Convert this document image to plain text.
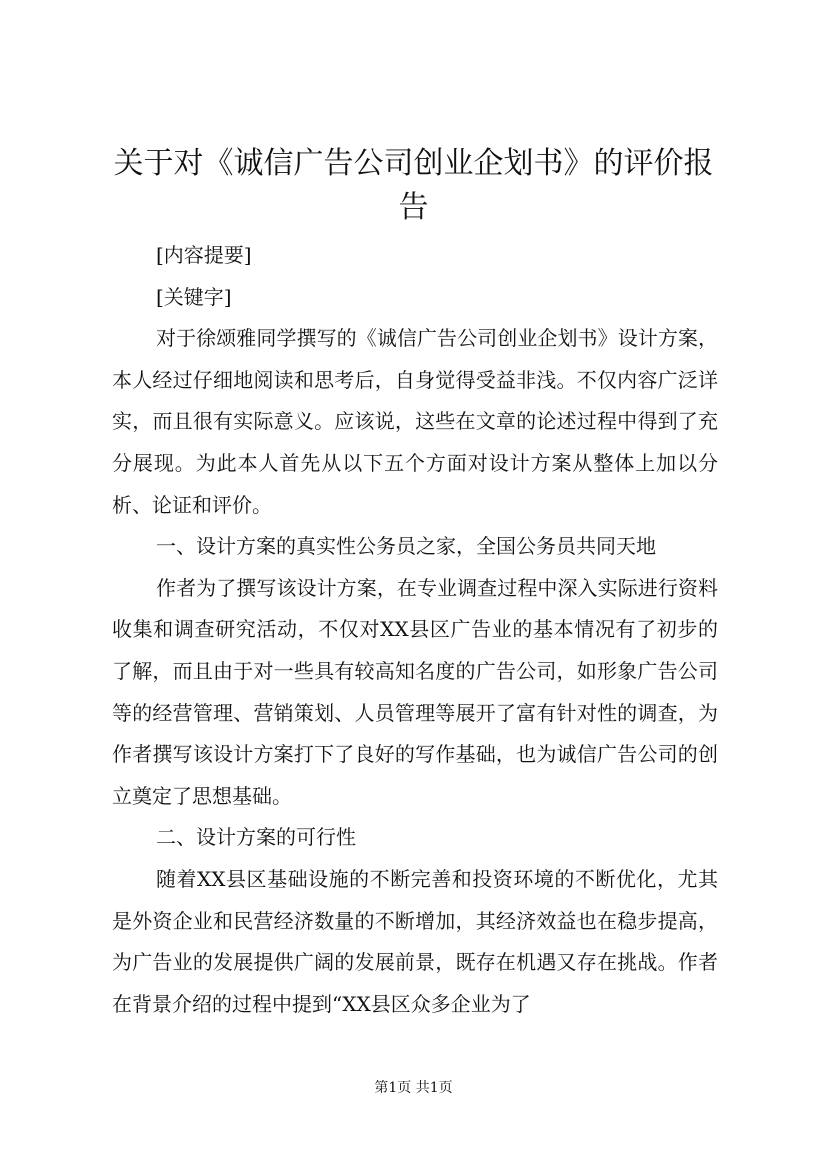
关于对《诚信广告公司创业企划书》的评价报告

[内容提要]

[关键字]

对于徐颂雅同学撰写的《诚信广告公司创业企划书》设计方案，本人经过仔细地阅读和思考后，自身觉得受益非浅。不仅内容广泛详实，而且很有实际意义。应该说，这些在文章的论述过程中得到了充分展现。为此本人首先从以下五个方面对设计方案从整体上加以分析、论证和评价。

一、设计方案的真实性公务员之家，全国公务员共同天地

作者为了撰写该设计方案，在专业调查过程中深入实际进行资料收集和调查研究活动，不仅对XX县区广告业的基本情况有了初步的了解，而且由于对一些具有较高知名度的广告公司，如形象广告公司等的经营管理、营销策划、人员管理等展开了富有针对性的调查，为作者撰写该设计方案打下了良好的写作基础，也为诚信广告公司的创立奠定了思想基础。

二、设计方案的可行性

随着XX县区基础设施的不断完善和投资环境的不断优化，尤其是外资企业和民营经济数量的不断增加，其经济效益也在稳步提高，为广告业的发展提供广阔的发展前景，既存在机遇又存在挑战。作者在背景介绍的过程中提到“XX县区众多企业为了

第1页 共1页
